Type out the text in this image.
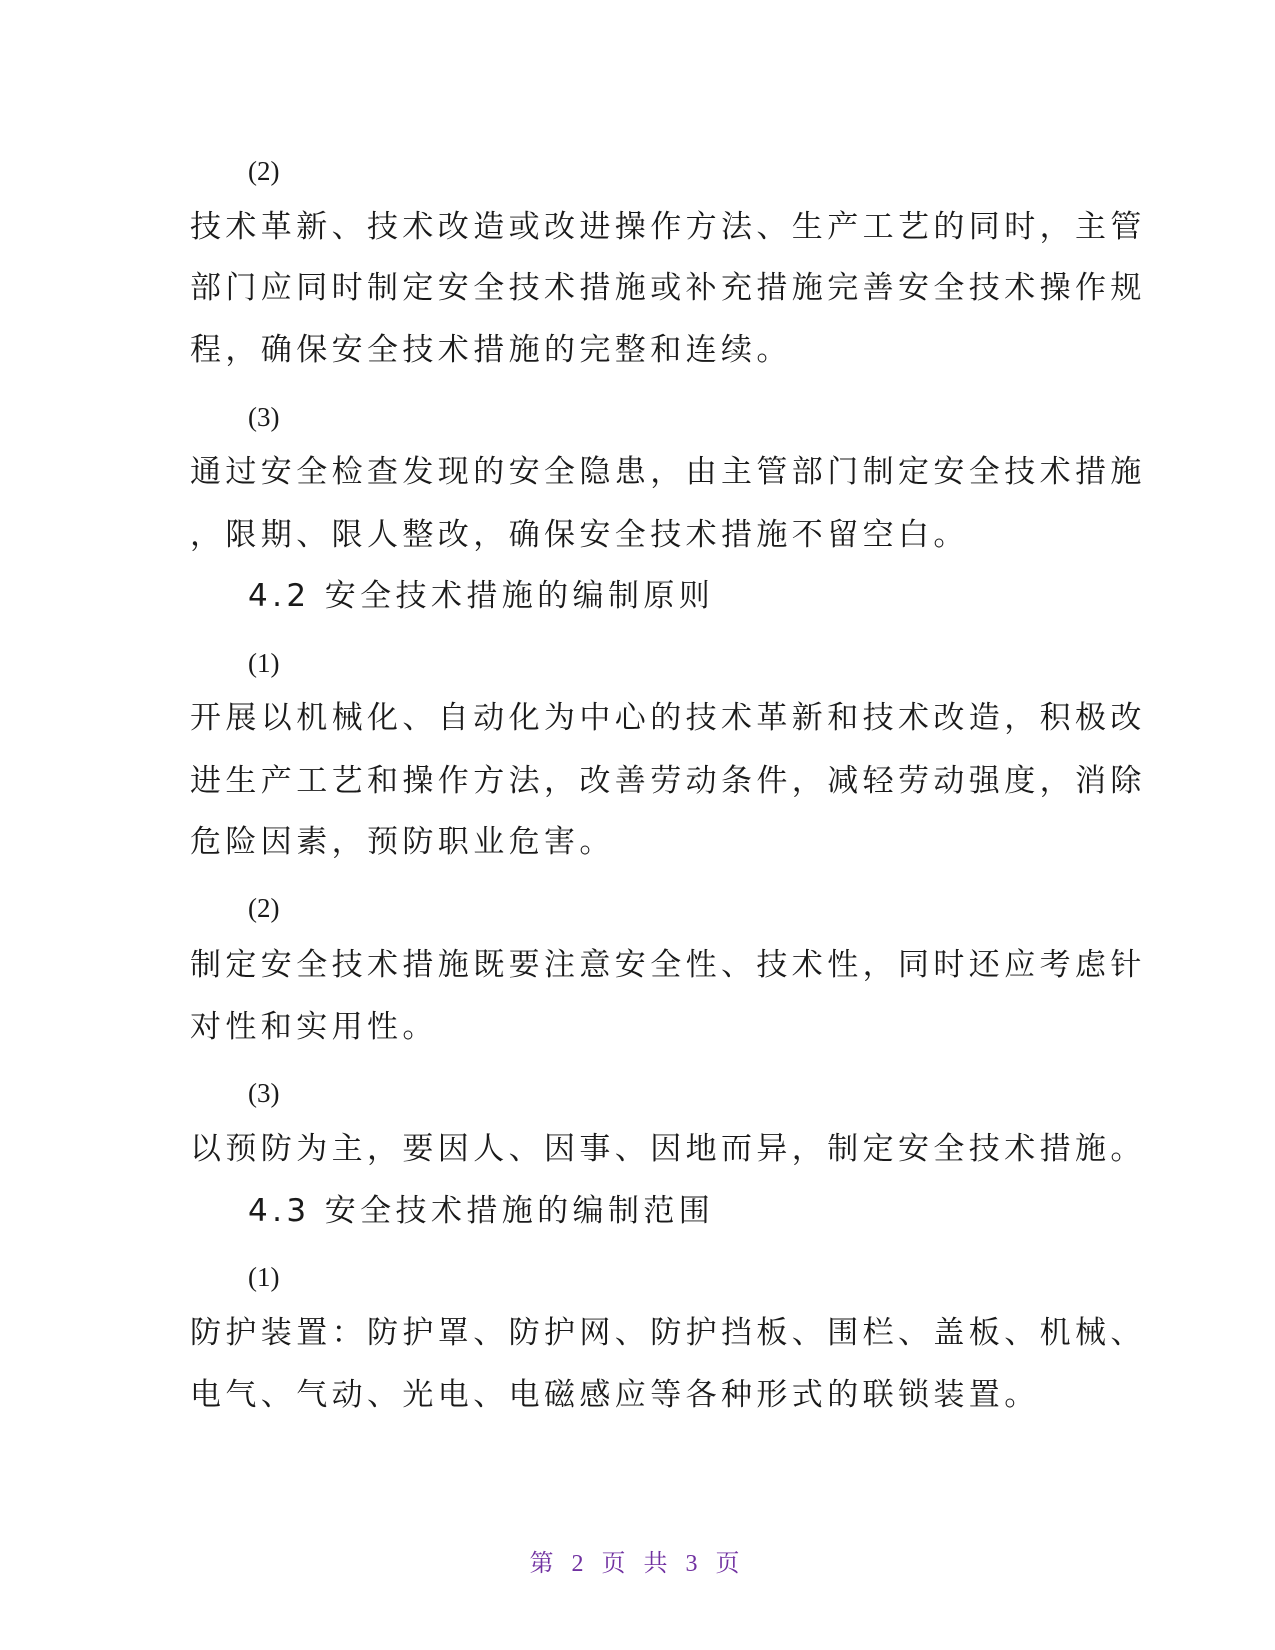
(2)
技术革新、技术改造或改进操作方法、生产工艺的同时，主管
部门应同时制定安全技术措施或补充措施完善安全技术操作规
程，确保安全技术措施的完整和连续。
(3)
通过安全检查发现的安全隐患，由主管部门制定安全技术措施
，限期、限人整改，确保安全技术措施不留空白。
4.2 安全技术措施的编制原则
(1)
开展以机械化、自动化为中心的技术革新和技术改造，积极改
进生产工艺和操作方法，改善劳动条件，减轻劳动强度，消除
危险因素，预防职业危害。
(2)
制定安全技术措施既要注意安全性、技术性，同时还应考虑针
对性和实用性。
(3)
以预防为主，要因人、因事、因地而异，制定安全技术措施。
4.3 安全技术措施的编制范围
(1)
防护装置：防护罩、防护网、防护挡板、围栏、盖板、机械、
电气、气动、光电、电磁感应等各种形式的联锁装置。
第 2 页 共 3 页
